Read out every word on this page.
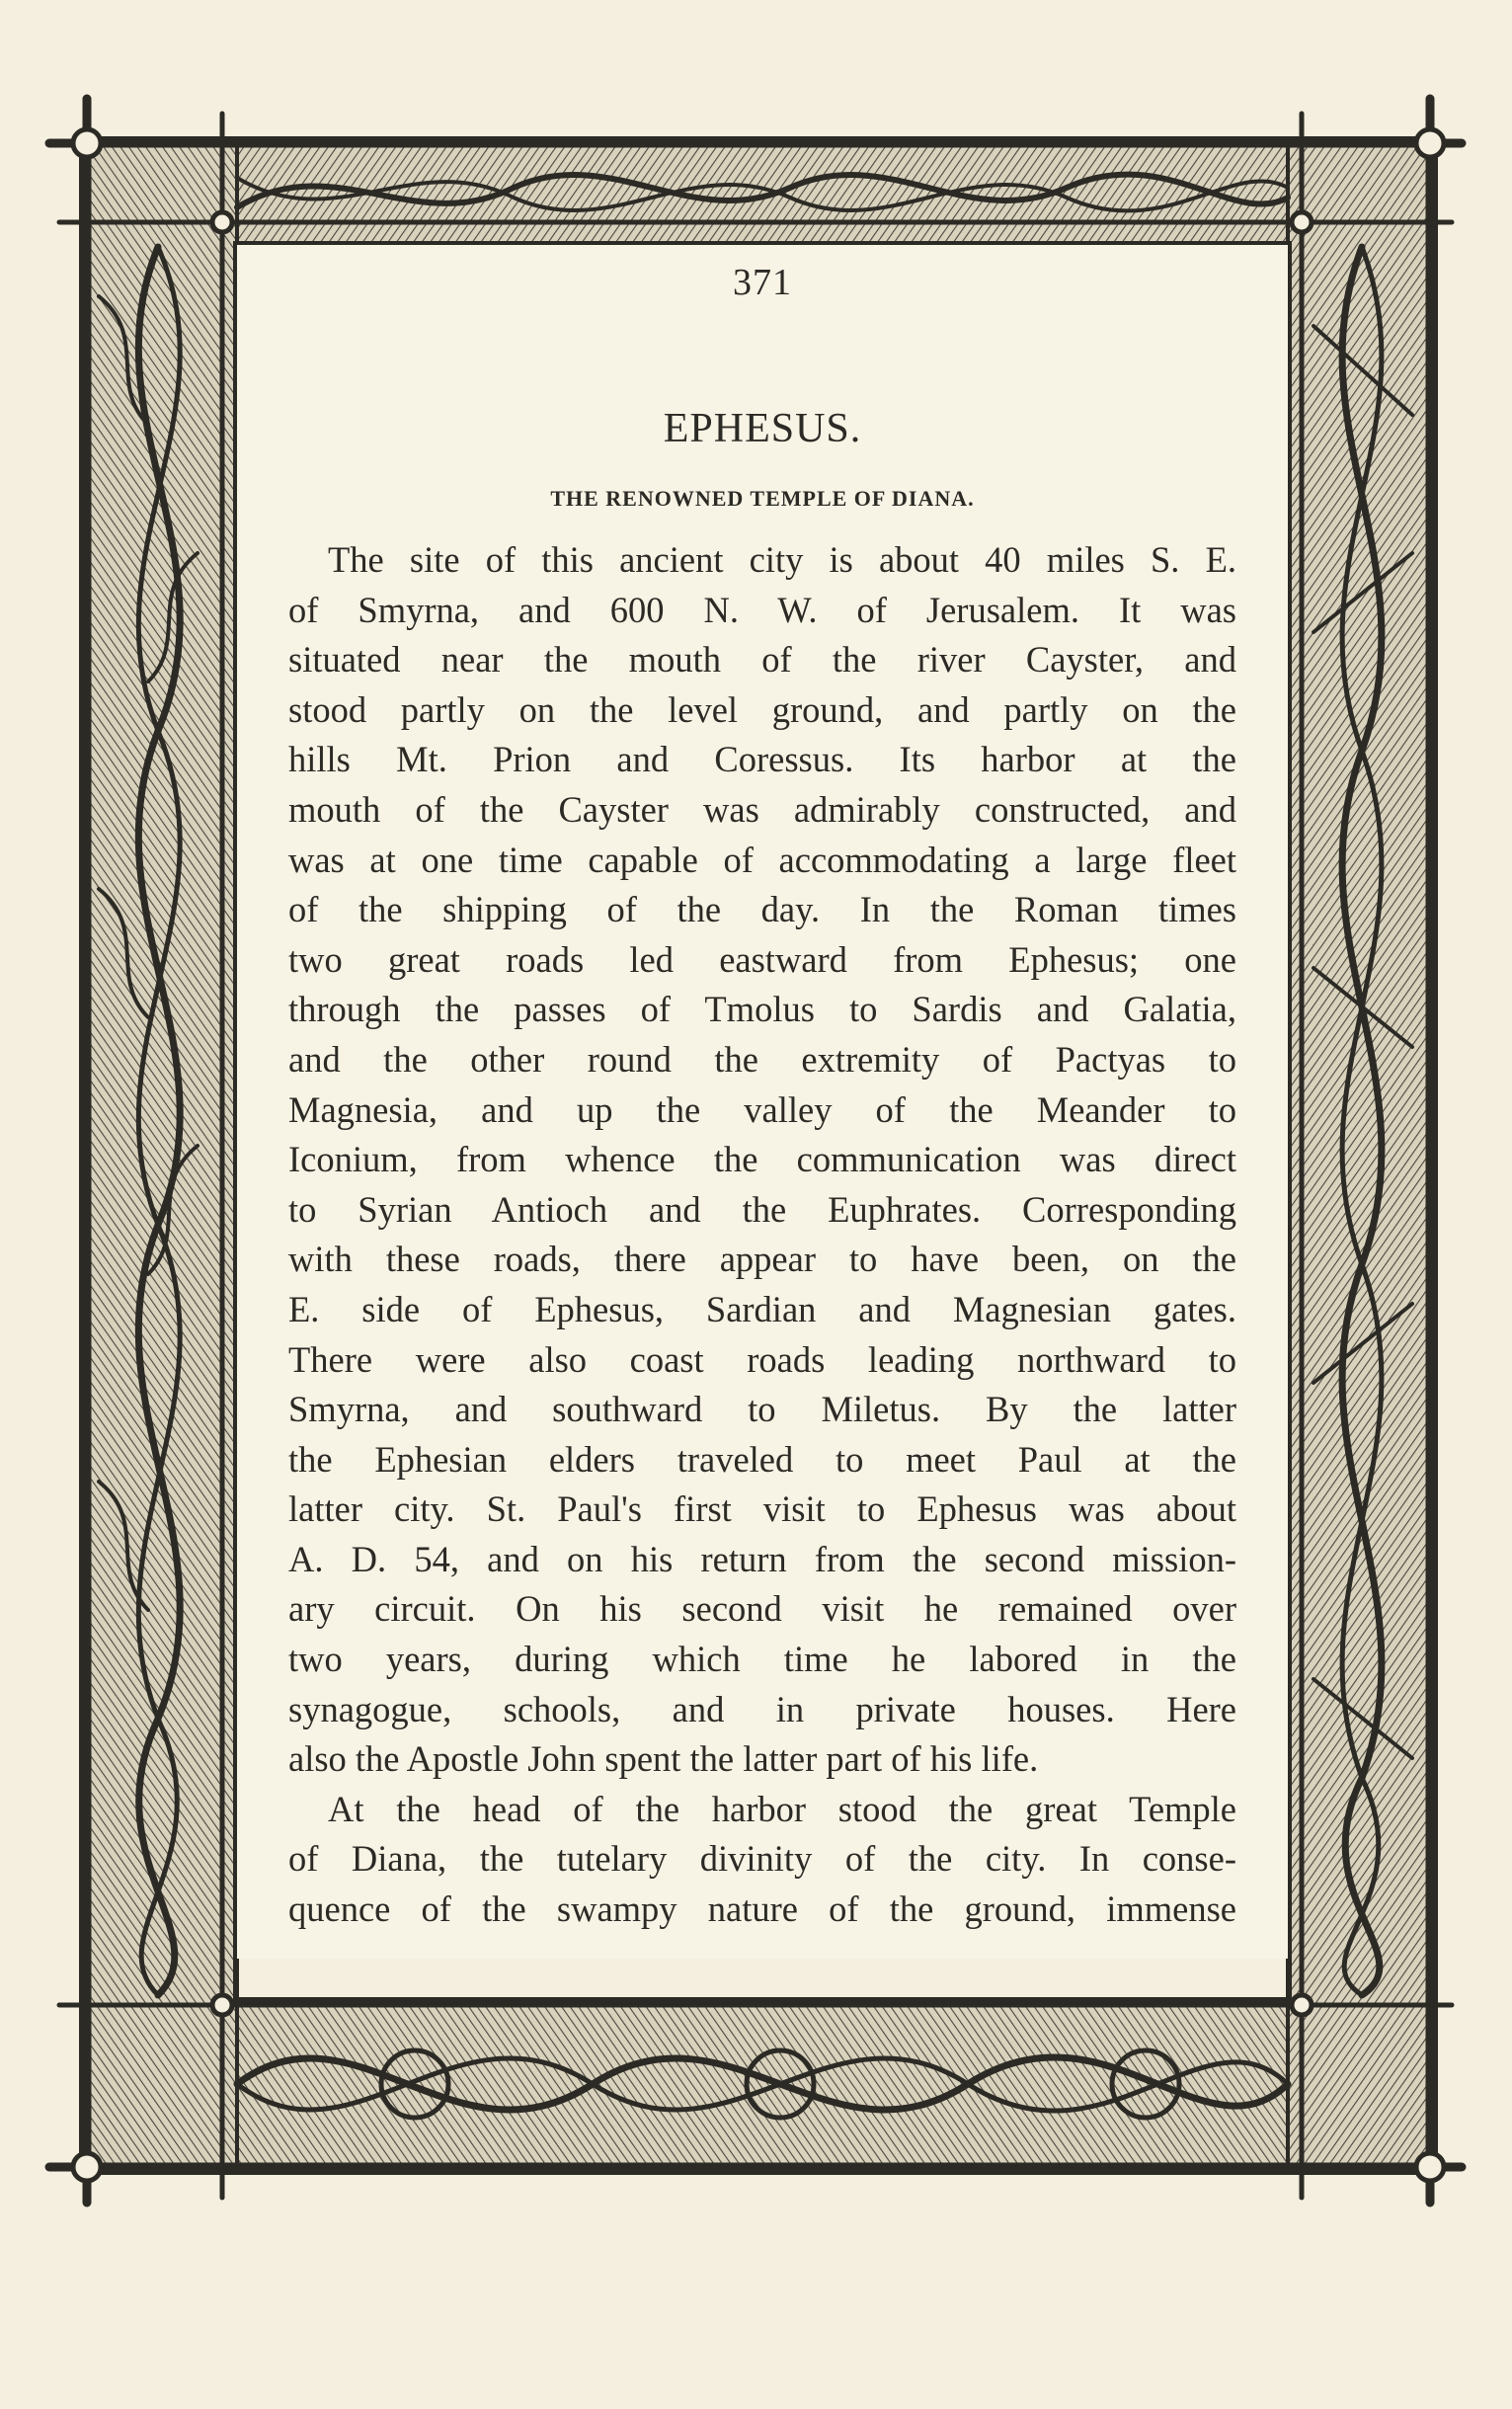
371
EPHESUS.
THE RENOWNED TEMPLE OF DIANA.
The site of this ancient city is about 40 miles S. E.
of Smyrna, and 600 N. W. of Jerusalem. It was
situated near the mouth of the river Cayster, and
stood partly on the level ground, and partly on the
hills Mt. Prion and Coressus. Its harbor at the
mouth of the Cayster was admirably constructed, and
was at one time capable of accommodating a large fleet
of the shipping of the day. In the Roman times
two great roads led eastward from Ephesus; one
through the passes of Tmolus to Sardis and Galatia,
and the other round the extremity of Pactyas to
Magnesia, and up the valley of the Meander to
Iconium, from whence the communication was direct
to Syrian Antioch and the Euphrates. Corresponding
with these roads, there appear to have been, on the
E. side of Ephesus, Sardian and Magnesian gates.
There were also coast roads leading northward to
Smyrna, and southward to Miletus. By the latter
the Ephesian elders traveled to meet Paul at the
latter city. St. Paul's first visit to Ephesus was about
A. D. 54, and on his return from the second mission-
ary circuit. On his second visit he remained over
two years, during which time he labored in the
synagogue, schools, and in private houses. Here
also the Apostle John spent the latter part of his life.
At the head of the harbor stood the great Temple
of Diana, the tutelary divinity of the city. In conse-
quence of the swampy nature of the ground, immense
